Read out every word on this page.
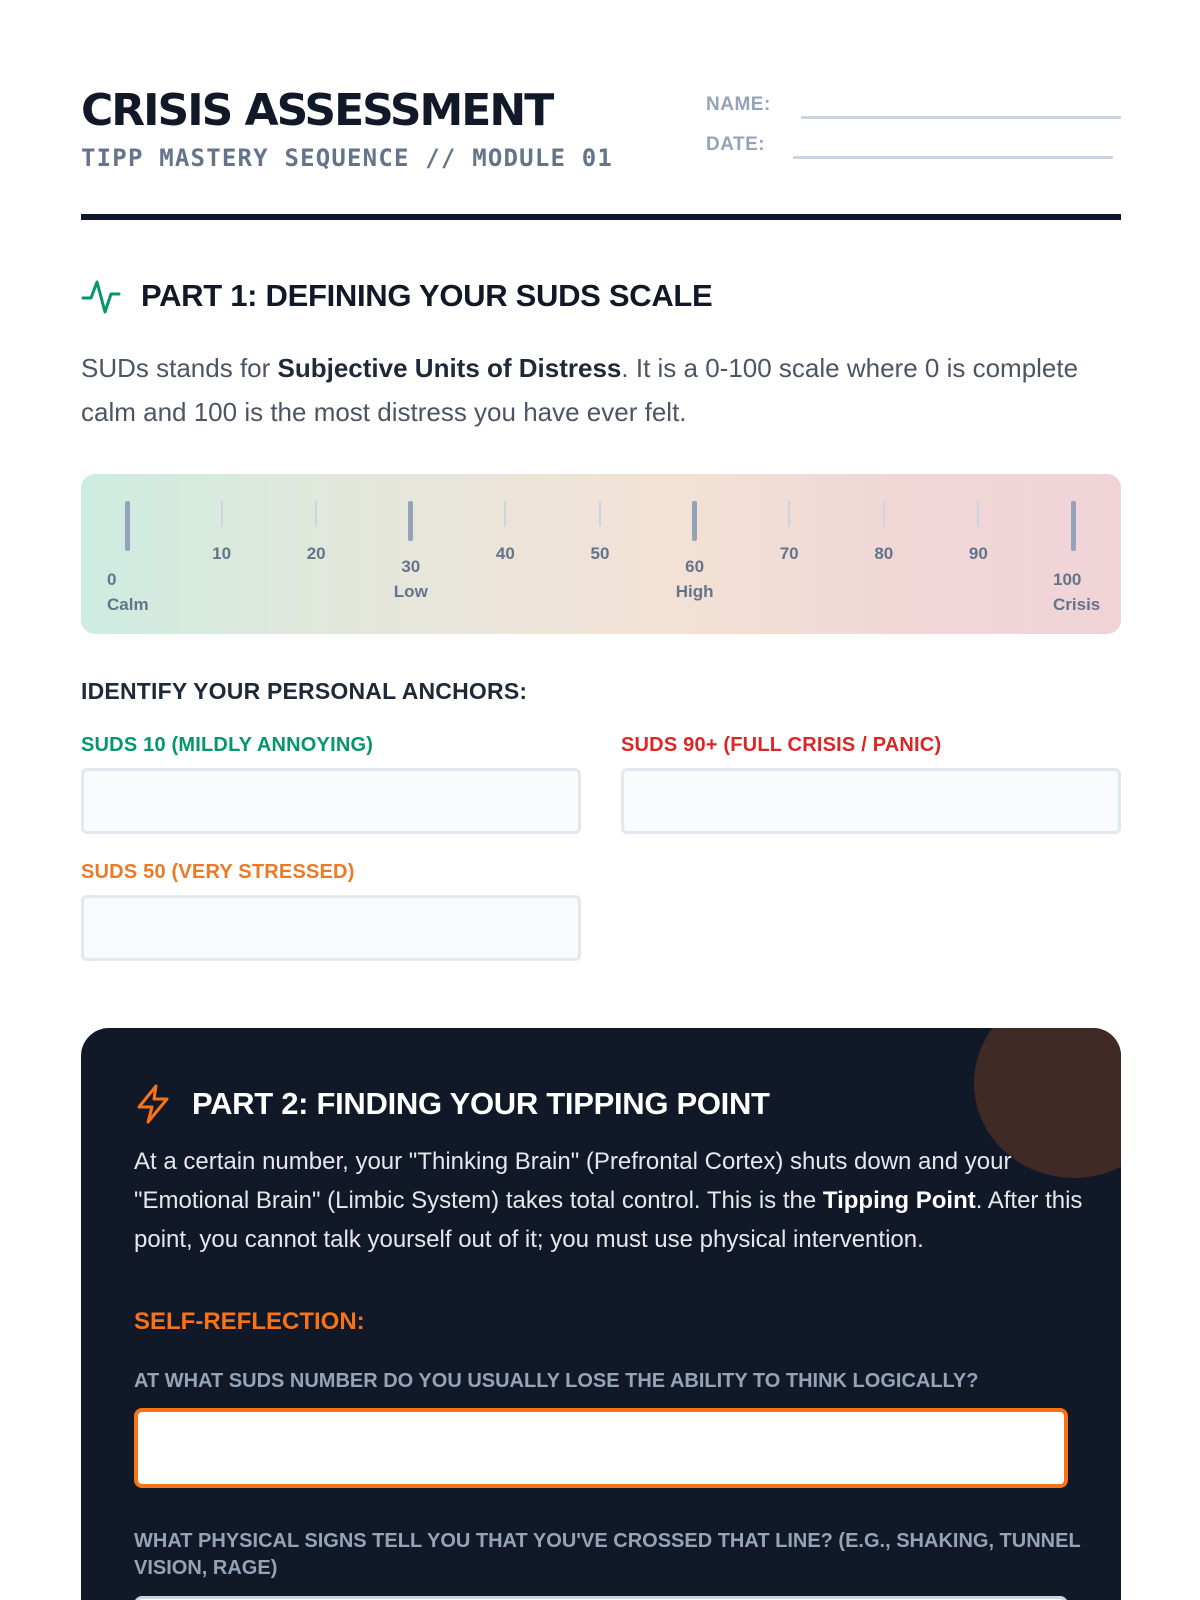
CRISIS ASSESSMENT
TIPP MASTERY SEQUENCE // MODULE 01
NAME:
DATE:
PART 1: DEFINING YOUR SUDS SCALE
SUDs stands for Subjective Units of Distress. It is a 0-100 scale where 0 is complete calm and 100 is the most distress you have ever felt.
0
Calm
10	20
30
Low
40	50
60
High
70	80	90
100
Crisis
IDENTIFY YOUR PERSONAL ANCHORS:
SUDS 10 (MILDLY ANNOYING)	SUDS 90+ (FULL CRISIS / PANIC)
SUDS 50 (VERY STRESSED)
PART 2: FINDING YOUR TIPPING POINT
At a certain number, your "Thinking Brain" (Prefrontal Cortex) shuts down and your "Emotional Brain" (Limbic System) takes total control. This is the Tipping Point. After this point, you cannot talk yourself out of it; you must use physical intervention.
SELF-REFLECTION:
AT WHAT SUDS NUMBER DO YOU USUALLY LOSE THE ABILITY TO THINK LOGICALLY?
WHAT PHYSICAL SIGNS TELL YOU THAT YOU'VE CROSSED THAT LINE? (E.G., SHAKING, TUNNEL VISION, RAGE)
